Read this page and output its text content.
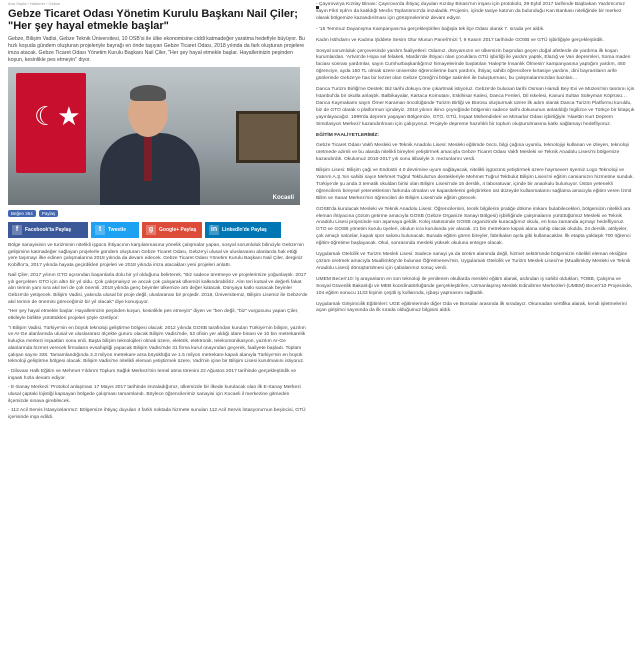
Ana Sayfa / Haberler / Gebze
Gebze Ticaret Odası Yönetim Kurulu Başkanı Nail Çiler; "Her şey hayal etmekle başlar"
Gebze, Bilişim Vadisi, Gebze Teknik Üniversitesi, 10 OSB'si ile ülke ekonomisine ciddi katmadeğer yaratma hedefiyle büyüyor. Bu hızlı koşuda gündem oluşturan projeleriyle bayrağı en önde taşıyan Gebze Ticaret Odası, 2018 yılında da fark oluşturan projelere imza atacak. Gebze Ticaret Odası Yönetim Kurulu Başkanı Nail Çiler, "Her şey hayal etmekle başlar. Hayallerinizin peşinden koşun, kesinlikle pes etmeyin" diyor.
☾★
Kocaeli
Beğen 364	Paylaş
f	Facebook'ta Paylaş	t	Tweetle	g	Google+ Paylaş in LinkedIn'de Paylaş

Bölge sanayisinin ve turizminin nitelikli işgücü ihtiyacının karşılanmasına yönelik çalışmalar yapan, sosyal sorumluluk bilinciyle Gebze'nin gelişimine katmadeğer sağlayan projelerle gündem oluşturan Gebze Ticaret Odası, Gebze'yi ulusal ve uluslararası alanlarda hak ettiği yere taşımayı ilke edinen çalışmalarına 2018 yılında da devam edecek. Gebze Ticaret Odası Yönetim Kurulu Başkanı Nail Çiler, derginiz Kobiflor'a, 2017 yılında hayata geçirdikleri projeleri ve 2018 yılında imza atacakları yeni projeleri anlattı.

Nail Çiler, 2017 yılının GTO açısından başarılarla dolu bir yıl olduğunu belirterek, "Biz sadece üretmeye ve projelerimize yoğunlaştık. 2017 yılı gerçekten GTO için altın bir yıl oldu. Çok çalışmalıyız ve ancak çok çalışarak ülkemizi kalkındırabiliriz. Alın teri kutsal ve değerli fakat alın terinin yanı sıra akıl teri de çok önemli. 2018 yılında genç beyinler ülkemize artı değer katacak. Dünyaya katkı sunacak beyinler Gebze'de yetişecek. Bilişim Vadisi, yakında ulusal bir proje değil, uluslararası bir projedir. 2018, Üniversitemiz, Bilişim Lisemiz ile Gebze'de akıl terinin de önemini göreceğimiz bir yıl olacak" diye konuşuyor.

"Her şey hayal etmekle başlar. Hayallerinizin peşinden koşun, kesinlikle pes etmeyin" diyen ve "ben değil, "biz" vurgusunu yapan Çiler, etkileyle birlikte yürüttükleri projeleri şöyle özetliyor:

"I Bilişim Vadisi, Türkiye'nin en büyük teknoloji geliştirme bölgesi olacak: 2012 yılında GOSB tarafından kurulan Türkiye'nin bilişim, yazılım ve Ar-Ge alanlarında ulusal ve uluslararası ölçekte gururu olacak Bilişim Vadisi'nde, 52 ofisin yer aldığı idare binası ve 10 bin metrekarelik kuluçka merkezi inşaatları sona erdi. Başta bilişim teknolojileri olmak üzere, elektrik, elektronik, telekomünikasyon, yazılım Ar-Ge alanlarında hizmet verecek firmaların evsahipliği yapacak Bilişim Vadisi'nde 31 firma kurul onayından geçerek, faaliyete başladı. Toplam çalışan sayısı 328. Tamamlandığında 3.3 milyon metrekare arsa büyüklüğü ve 1.5 milyon metrekare kapalı alanıyla Türkiye'nin en büyük teknoloji geliştirme bölgesi olacak. Bilişim Vadisi'ne nitelikli eleman yetiştirmek üzere, Vadi'nin içine bir Bilişim Lisesi kurulmasını istiyoruz.

- Dilovası Halk Eğitim ve Mehmet Yıldırım Toplum Sağlık Merkezi'nin temel atma törenini 22 Ağustos 2017 tarihinde gerçekleştirdik ve inşaatı hızla devam ediyor.

- E-Sanay Merkezi: Protokol anlaşması 17 Mayıs 2017 tarihinde imzaladığımız, ülkemizde bir ilkede kurulacak olan ilk E-Sanay Merkezi ulusal çaptaki lojistiği kapsayan bölgede çalışması tamamlandı. Böylece öğrencilerimiz sanayisi için Kocaeli il merkezine gitmeden ilçemizde sınava girebilecek.

- 112 Acil Servis İstasyonlarımız: Bölgemize ihtiyaç duyulan 4 farklı noktada hizmete sunulan 112 Acil Servis İstasyonu'nun beşincisi, GTÜ içerisinde inşa edildi.

- Çayırova'ya Kızılay Binası: Çayırova'da ihtiyaç duyulan Kızılay Binası'nın inşası için protokolü, 29 Eylül 2017 tarihinde Başbakan Yardımcımız sayın Fikri Işık'ın da katıldığı Meclis Toplantımız'da imzaladık. Projenin, içinde tasiye katının da bulunduğu Kan Bankası niteliğinde bir merkez olarak bölgemize kazandırılması için görüşmelerimiz devam ediyor.

- '15 Temmuz Dayanışma Kampanyası'na gerçekleştirilen bağışla tek ilçe Odası olarak 7. sırada yer aldık.

Kadın İstihdamı ve Kadına Şiddete Sesim Olur Musun Paneli'mizi 'l, 9 Kasım 2017 tarihinde GOSB ve GTÜ işbirliğiyle gerçekleştirdik.

Sosyal sorumluluk çerçevesinde yardım faaliyetleri: Odamız, dünyamızın ve ülkemizin başından geçen doğal afetlerde de yardıma ilk koşan kurumlardan. 'Artvin'de Hopa sel felaketi, Mardin'de ihtiyacı olan çocuklara GTÜ işbirliği ile yardım yaptık, Elazığ ve Van depremleri, Soma maden faciası sonrası yardımlar, sayın Cumhurbaşkanlığımız himayelerinde başlatılan 'Halep'te İnsanlık Ölmesin' kampanyasına yaptığım yardım, 450 öğrenciye, ayda 150 TL olmak üzere üniversite öğrencilerine burs yardımı, ihtiyaç sahibi öğrencilere kırtasiye yardımı, dini bayramların arife günlerinde Gebze'ye has bir lezzet olan Gebze Çöreği'ni bölge sakinleri ile buluşturması, bu çalışmalarımızdan bazıları…

Danca Turizm Birliği'ne Destek: Biz tarihi dokuyu öne çıkartmak istiyoruz. Gebze'de bulunan tarihi Osman Hamdi Bey Evi ve Müzesi'nin tanıtımı için İstanbul'da bir okulla anlaştık. Balbikayalar, Kartaca Komutanı, Eskihisar Kalesi, Danca Fenleri, Dil Iskelesi, Kanuni Sultan Süleyman Köprüsü… Danca Kaymakamı sayın Ömer Karaman öncülüğünde Turizm Birliği ve Bürosu oluşturmak üzere ilk adım olarak Danca Turizm Platformu kuruldu, biz de GTO olarak o platformun içindeyiz. 2018 yılının ikinci çeyreğinde bölgemin sadece tarihi dokusunun anlatıldığı İngilizce ve Türkçe bir kitapçık yayınlayacağız. 1999'da deprem yaşayan Bölgemize, GTO, GTÜ, İnşaat Mühendisleri ve Mimarlar Odası işbirliğiyle 'Alaettin Kurt Deprem Simülasyon Merkezi' kazandırılması için çalışıyoruz. Projeyle depreme hazırlıklı bir toplum oluşturulmasına katkı sağlamayı hedefliyoruz.

EĞİTİM FAALİYETLERİMİZ:

Gebze Ticaret Odası Vakfı Mesleki ve Teknik Anadolu Lisesi: Mesleki eğitimde öncü, bilgi çağına uyumlu, teknolojiyi kullanan ve izleyen, teknoloji üretmede azimli ve bu alanda nitelikli bireyleri yetiştirmek amacıyla Gebze Ticaret Odası Vakfı Mesleki ve Teknik Anadolu Lisesi'ni bölgemize kazandırdık. Okulumuz 2016-2017 yılı sonu itibariyle 3. mezunlarını verdi.

Bilişim Lisesi: Bilişim çağı ve Endüstri 4.0 devrimine uyum sağlayacak, nitelikli işgücünü yetiştirmek üzere hayrseverr üyemiz Logo Teknoloji ve Yatırım A.Ş.'nin sahibi sayın Mehmet Tuğrul Tekbulut'un destekleriyle Mehmet Tuğrul Tekbulut Bilişim Lisesi'ni eğitim camiamızın hizmetine sunduk. Türkiye'de şu anda 3 tematik okuldan birisi olan Bilişim Lisesi'nde 16 derslik, 4 laboratuvar, içinde bir anaokulu bulunuyor. Üstün yetenekli öğrencilerin bireysel yeteneklerinin farkında olmaları ve kapasitelerini geliştirirken üst düzeyde kullanmalarını sağlama amacıyla eğitim veren İzmit Bilim ve Sanat Merkezi'nin öğrencileri de Bilişim Lisesi'nde eğitim görecek.

GOSB'da kurulacak Mesleki ve Teknik Anadolu Lisesi: Öğrencilerinin, teorik bilgilerini pratiğe dökme imkanı bulabilecekleri, bölgemizin nitelikli ara eleman ihtiyacına çözüm getirme amacıyla GOSB (Gebze Organize Sanayi Bölgesi) işbirliğinde çalışmalarını yürüttüğümüz Mesleki ve Teknik Anadolu Lisesi projesinde son aşamaya geldik. Kolej statüsünde GOSB organizinde kuracağımız okulu, en kısa zamanda açmayı hedefliyoruz. GTO ve GOSB yönetim kurulu üyeleri, okulun icra kurulunda yer alacak. 21 bin metrekare kapalı alana sahip olacak okulda, 24 derslik, atölyeler, çok amaçlı salonlar, kapalı spor salonu bulunacak. Burada eğitim gören bireyler, fabrikaları ayıla gibi kullanacaklar. İlk etapta yaklaşık 700 öğrenci eğitim-öğretime başlayacak. Okul, sonrasında mesleki yüksek okuluna entegre olacak.

Uygulamalı Otelcilik ve Turizm Meslek Lisesi: Sadece sanayi ya da üretim alanında değil, hizmet sektöründe bölgemizin nitelikli eleman eksiğine çözüm üretmek amacıyla Muallimköy'de bulunan Öğretmenevi'nin, Uygulamalı Otelcilik ve Turizm Meslek Lisesi'ne (Muallimköy Mesleki ve Teknik Anadolu Lisesi) dönüştürülmesi için çabalarımız sonuç verdi.

UMEM Beceri'10: İş arayanların en son teknoloji ile yenilenen okullarda mesleki eğitim alarak, ardından iş sahibi oldukları, TOBB, Çalışma ve Sosyal Güvenlik Bakanlığı ve MEB koordinatörlüğünde gerçekleştirilen, Uzmanlaşmış Meslek Edindirme Merkezleri-(UMEM) Beceri'10 Projesinde, 104 eğitim sonucu 1133 kişinin çeşitli iş kollarında, işbaşı yapmasını sağladık.

Uygulamalı Girişimcilik Eğitimleri: UGE eğitimlerinde diğer Oda ve Borsalar arasında ilk sıradayız. Okumadan sertifika alarak, kendi işletmelerini açan girişimci sayısında da ilk sırada olduğumuz bilgisini aldık.
